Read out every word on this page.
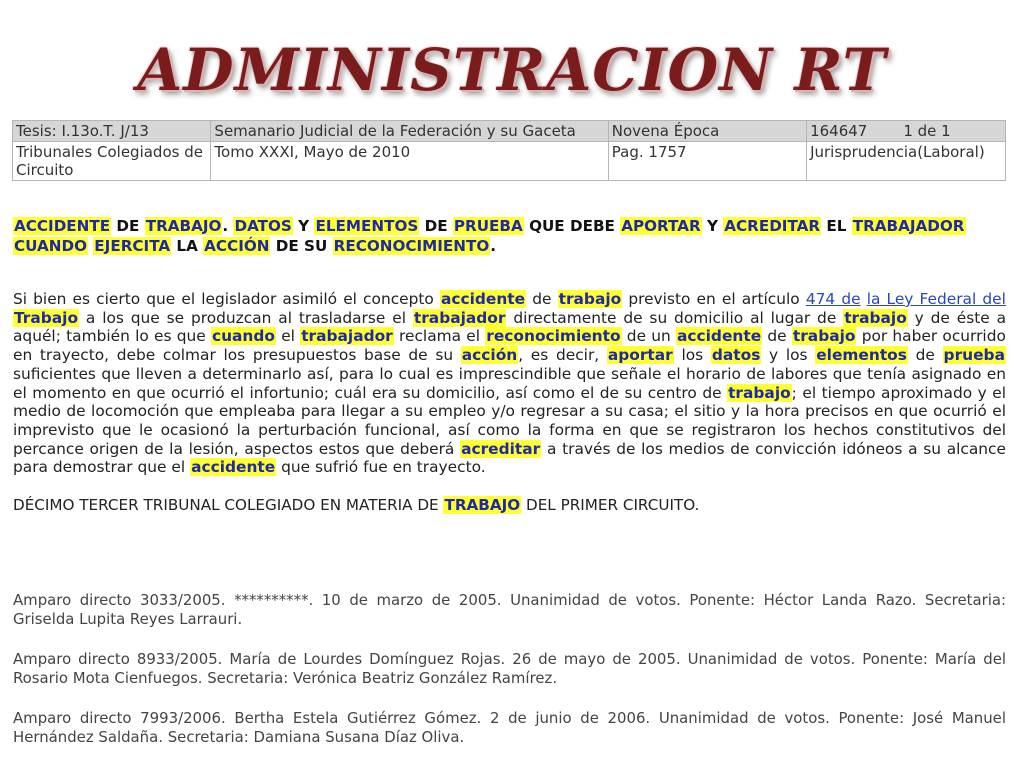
ADMINISTRACION RT
Tesis: I.13o.T. J/13	Semanario Judicial de la Federación y su Gaceta	Novena Época	164647 1 de 1
Tribunales Colegiados de Circuito	Tomo XXXI, Mayo de 2010	Pag. 1757	Jurisprudencia(Laboral)
ACCIDENTE DE TRABAJO. DATOS Y ELEMENTOS DE PRUEBA QUE DEBE APORTAR Y ACREDITAR EL TRABAJADOR CUANDO EJERCITA LA ACCIÓN DE SU RECONOCIMIENTO.
Si bien es cierto que el legislador asimiló el concepto accidente de trabajo previsto en el artículo 474 de la Ley Federal del Trabajo a los que se produzcan al trasladarse el trabajador directamente de su domicilio al lugar de trabajo y de éste a aquél; también lo es que cuando el trabajador reclama el reconocimiento de un accidente de trabajo por haber ocurrido en trayecto, debe colmar los presupuestos base de su acción, es decir, aportar los datos y los elementos de prueba suficientes que lleven a determinarlo así, para lo cual es imprescindible que señale el horario de labores que tenía asignado en el momento en que ocurrió el infortunio; cuál era su domicilio, así como el de su centro de trabajo; el tiempo aproximado y el medio de locomoción que empleaba para llegar a su empleo y/o regresar a su casa; el sitio y la hora precisos en que ocurrió el imprevisto que le ocasionó la perturbación funcional, así como la forma en que se registraron los hechos constitutivos del percance origen de la lesión, aspectos estos que deberá acreditar a través de los medios de convicción idóneos a su alcance para demostrar que el accidente que sufrió fue en trayecto.
DÉCIMO TERCER TRIBUNAL COLEGIADO EN MATERIA DE TRABAJO DEL PRIMER CIRCUITO.
Amparo directo 3033/2005. **********. 10 de marzo de 2005. Unanimidad de votos. Ponente: Héctor Landa Razo. Secretaria: Griselda Lupita Reyes Larrauri.
Amparo directo 8933/2005. María de Lourdes Domínguez Rojas. 26 de mayo de 2005. Unanimidad de votos. Ponente: María del Rosario Mota Cienfuegos. Secretaria: Verónica Beatriz González Ramírez.
Amparo directo 7993/2006. Bertha Estela Gutiérrez Gómez. 2 de junio de 2006. Unanimidad de votos. Ponente: José Manuel Hernández Saldaña. Secretaria: Damiana Susana Díaz Oliva.
